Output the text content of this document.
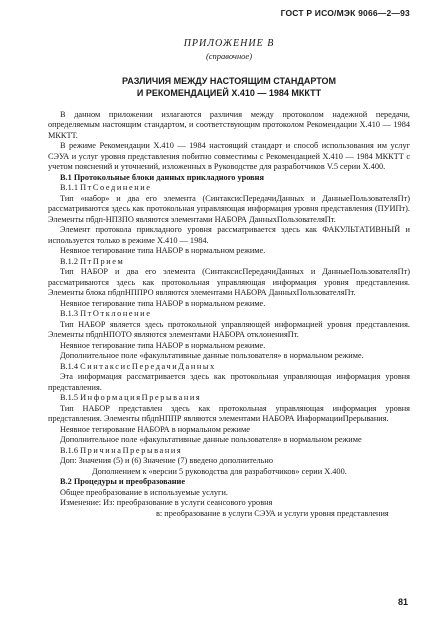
ГОСТ Р ИСО/МЭК 9066—2—93

ПРИЛОЖЕНИЕ В

(справочное)

РАЗЛИЧИЯ МЕЖДУ НАСТОЯЩИМ СТАНДАРТОМ
И РЕКОМЕНДАЦИЕЙ X.410 — 1984 МККТТ

В данном приложении излагаются различия между протоколом надежной передачи, определяемым настоящим стандартом, и соответствующим протоколом Рекомендации X.410 — 1984 МККТТ.

В режиме Рекомендации X.410 — 1984 настоящий стандарт и способ использования им услуг СЭУА и услуг уровня представления побитно совместимы с Рекомендацией X.410 — 1984 МККТТ с учетом пояснений и уточнений, изложенных в Руководстве для разработчиков V.5 серии X.400.

В.1 Протокольные блоки данных прикладного уровня

В.1.1 ПтСоединение

Тип «набор» и два его элемента (СинтаксисПередачиДанных и ДанныеПользователяПт) рассматриваются здесь как протокольная управляющая информация уровня представления (ПУИПт). Элементы пбдп-НПЗПО являются элементами НАБОРА ДанныхПользователяПт.

Элемент протокола прикладного уровня рассматривается здесь как ФАКУЛЬТАТИВНЫЙ и используется только в режиме X.410 — 1984.

Неявное тегирование типа НАБОР в нормальном режиме.

В.1.2 ПтПрием

Тип НАБОР и два его элемента (СинтаксисПередачиДанных и ДанныеПользователяПт) рассматриваются здесь как протокольная управляющая информация уровня представления. Элементы блока пбдпНППРО являются элементами НАБОРА ДанныхПользователяПт.

Неявное тегирование типа НАБОР в нормальном режиме.

В.1.3 ПтОтклонение

Тип НАБОР является здесь протокольной управляющей информацией уровня представления. Элементы пбдпНПОТО являются элементами НАБОРА отклоненияПт.

Неявное тегирование типа НАБОР в нормальном режиме.

Дополнительное поле «факультативные данные пользователя» в нормальном режиме.

В.1.4 СинтаксисПередачиДанных

Эта информация рассматривается здесь как протокольная управляющая информация уровня представления.

В.1.5 ИнформацияПрерывания

Тип НАБОР представлен здесь как протокольная управляющая информация уровня представления. Элементы пбдпНППР являются элементами НАБОРА ИнформацииПрерывания.

Неявное тегирование НАБОРА в нормальном режиме

Дополнительное поле «факультативные данные пользователя» в нормальном режиме

В.1.6 ПричинаПрерывания

Доп: Значения (5) и (6) Значение (7) введено дополнительно

Дополнением к «версии 5 руководства для разработчиков» серии X.400.

В.2 Процедуры и преобразование

Общее преобразование в используемые услуги.

Изменение: Из: преобразование в услуги сеансового уровня

в: преобразование в услуги СЭУА и услуги уровня представления

81
